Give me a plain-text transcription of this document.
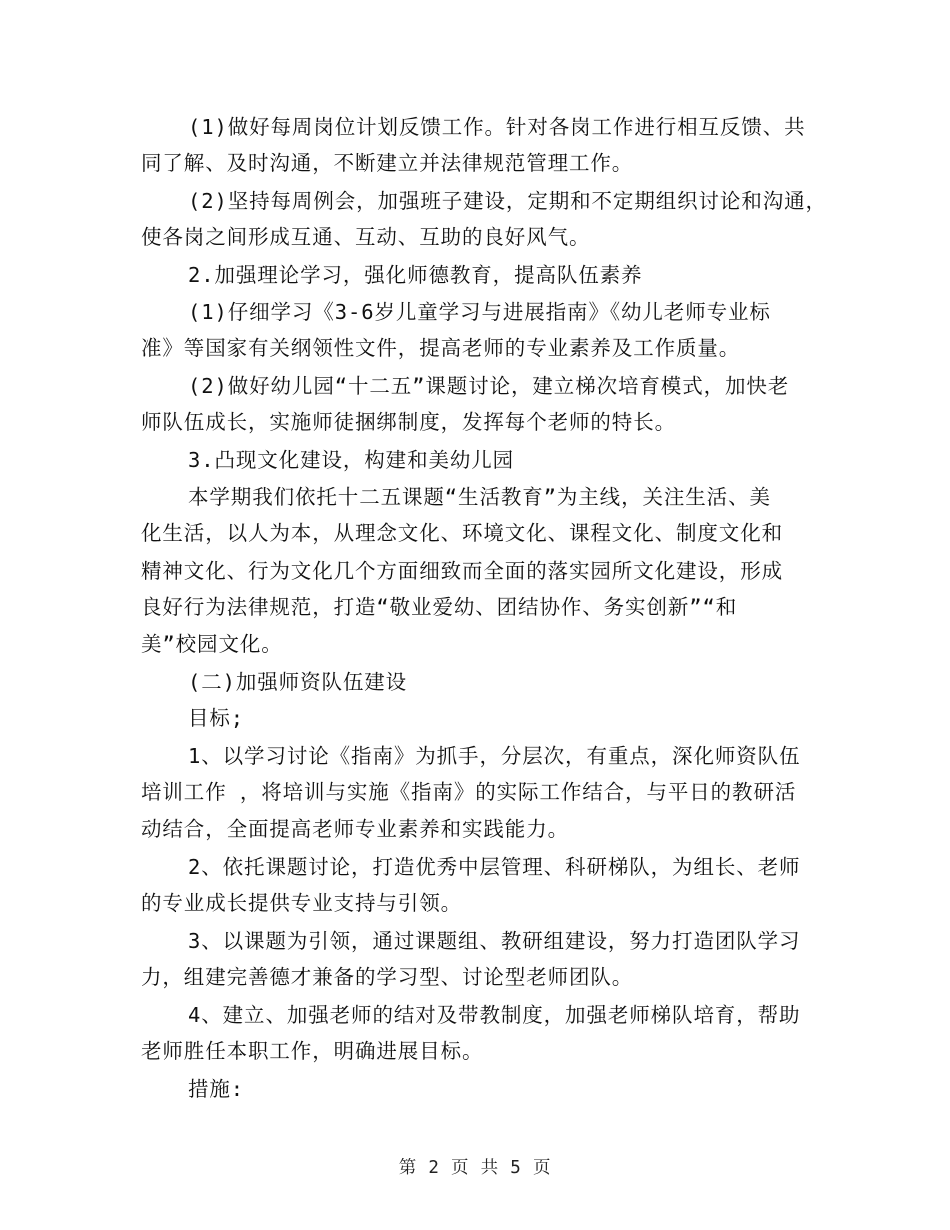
(1)做好每周岗位计划反馈工作。针对各岗工作进行相互反馈、共
同了解、及时沟通，不断建立并法律规范管理工作。
(2)坚持每周例会，加强班子建设，定期和不定期组织讨论和沟通，
使各岗之间形成互通、互动、互助的良好风气。
2.加强理论学习，强化师德教育，提高队伍素养
(1)仔细学习《3-6岁儿童学习与进展指南》《幼儿老师专业标
准》等国家有关纲领性文件，提高老师的专业素养及工作质量。
(2)做好幼儿园“十二五”课题讨论，建立梯次培育模式，加快老
师队伍成长，实施师徒捆绑制度，发挥每个老师的特长。
3.凸现文化建设，构建和美幼儿园
本学期我们依托十二五课题“生活教育”为主线，关注生活、美
化生活，以人为本，从理念文化、环境文化、课程文化、制度文化和
精神文化、行为文化几个方面细致而全面的落实园所文化建设，形成
良好行为法律规范，打造“敬业爱幼、团结协作、务实创新”“和
美”校园文化。
(二)加强师资队伍建设
目标;
1、以学习讨论《指南》为抓手，分层次，有重点，深化师资队伍
培训工作 ，将培训与实施《指南》的实际工作结合，与平日的教研活
动结合，全面提高老师专业素养和实践能力。
2、依托课题讨论，打造优秀中层管理、科研梯队，为组长、老师
的专业成长提供专业支持与引领。
3、以课题为引领，通过课题组、教研组建设，努力打造团队学习
力，组建完善德才兼备的学习型、讨论型老师团队。
4、建立、加强老师的结对及带教制度，加强老师梯队培育，帮助
老师胜任本职工作，明确进展目标。
措施:
第 2 页 共 5 页
